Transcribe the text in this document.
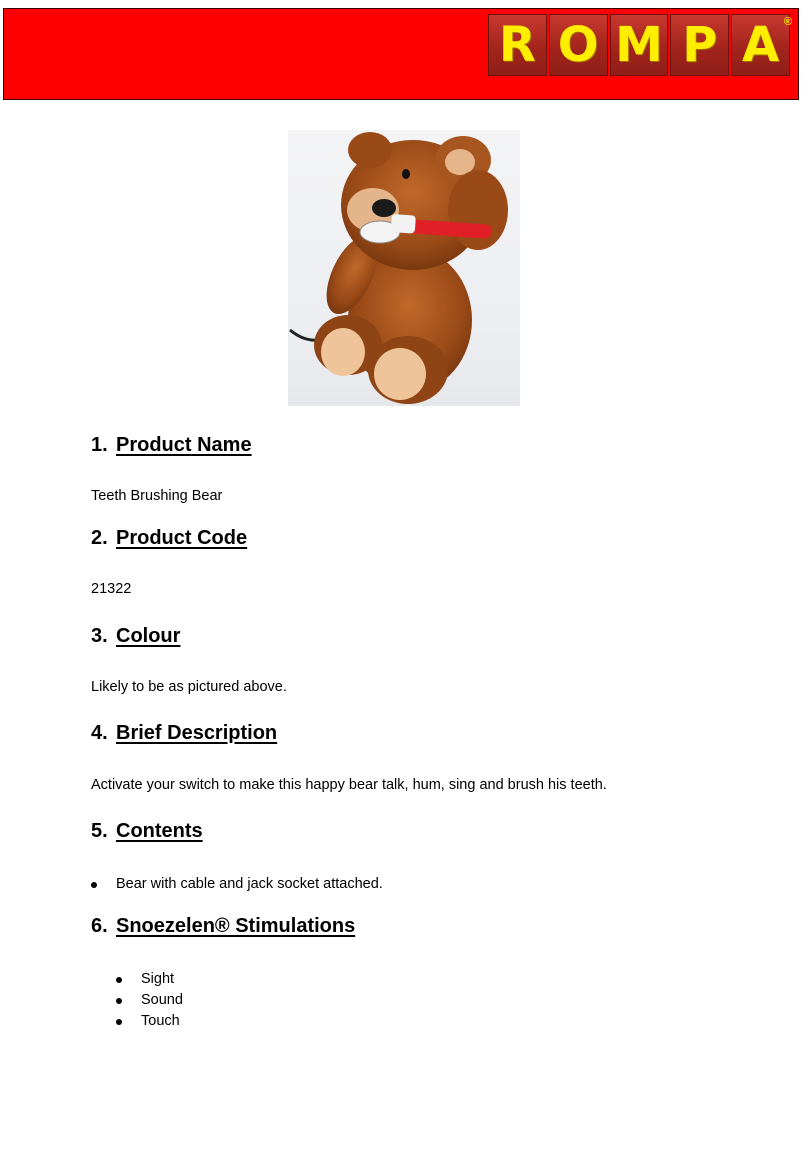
R O M P A ®
1. Product Name

Teeth Brushing Bear

2. Product Code

21322

3. Colour

Likely to be as pictured above.

4. Brief Description

Activate your switch to make this happy bear talk, hum, sing and brush his teeth.

5. Contents
Bear with cable and jack socket attached.
6. Snoezelen® Stimulations
Sight
Sound
Touch
